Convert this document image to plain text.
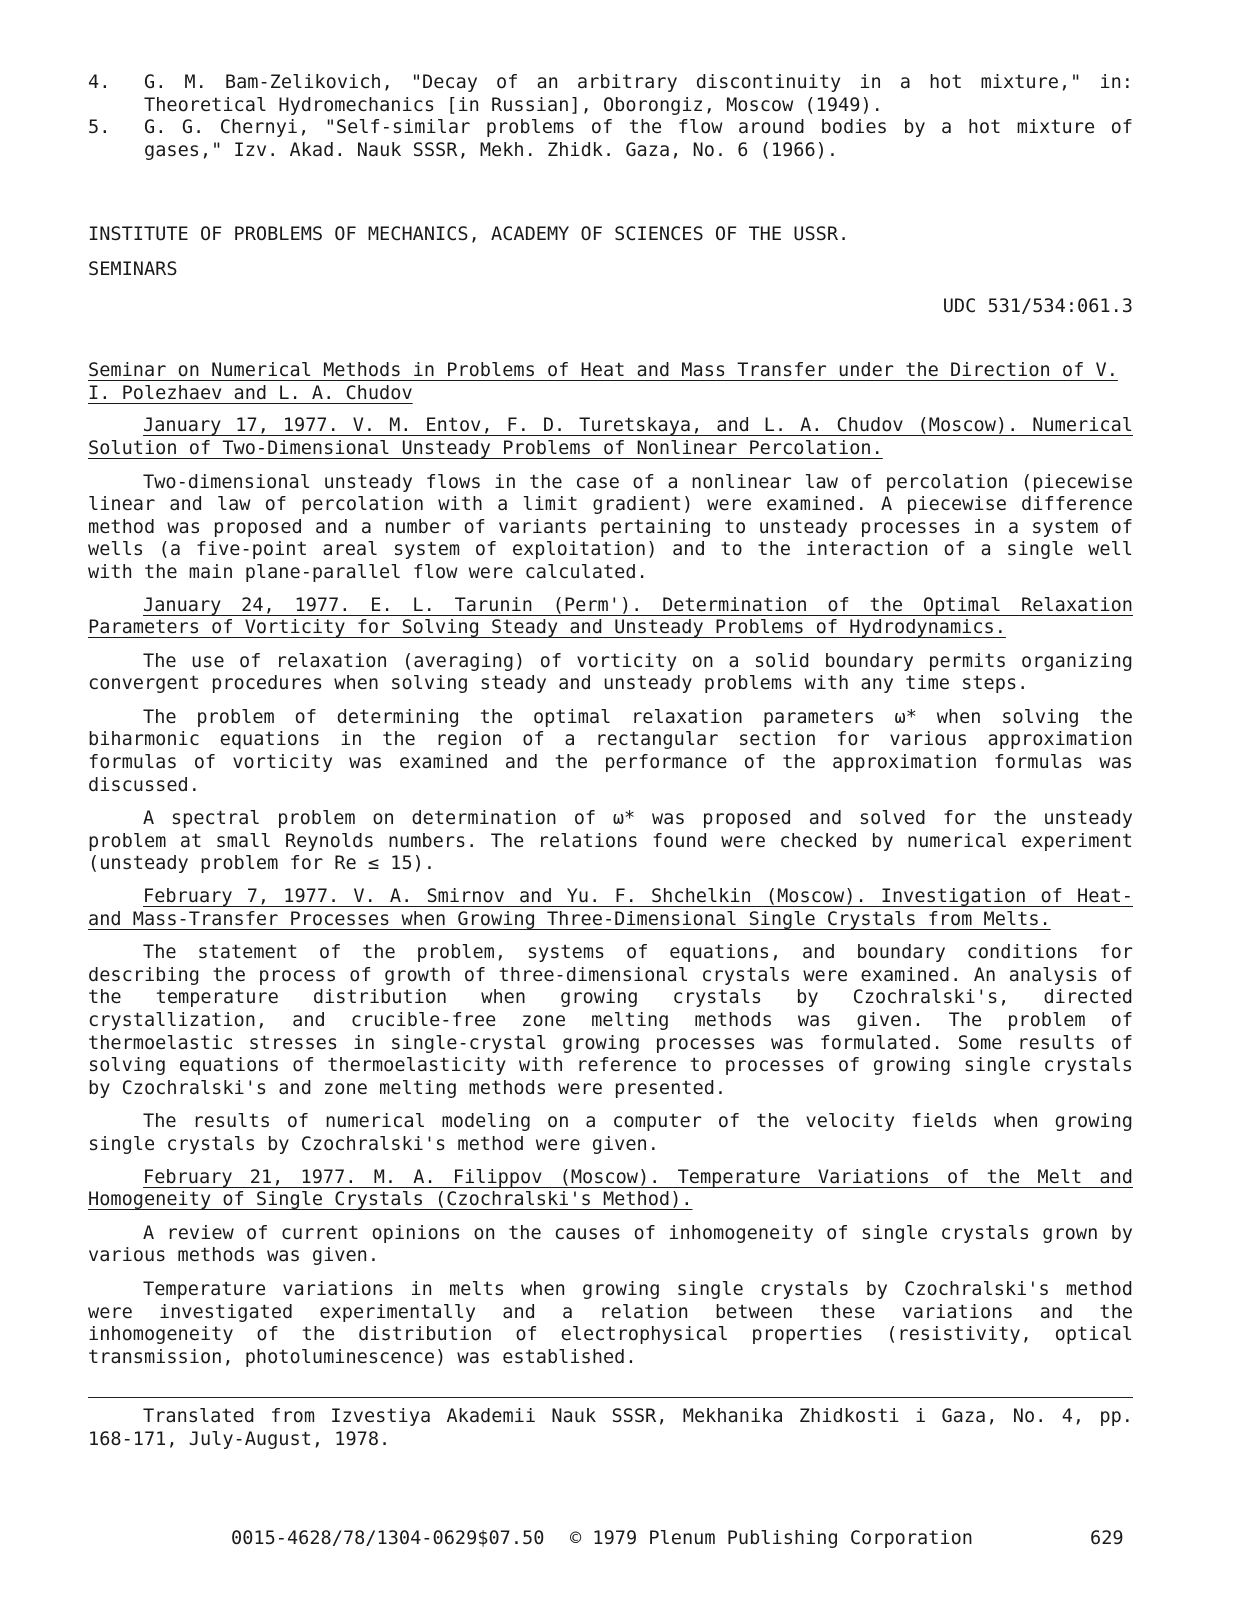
4.	G. M. Bam-Zelikovich, "Decay of an arbitrary discontinuity in a hot mixture," in: Theoretical Hydromechanics [in Russian], Oborongiz, Moscow (1949).
5.	G. G. Chernyi, "Self-similar problems of the flow around bodies by a hot mixture of gases," Izv. Akad. Nauk SSSR, Mekh. Zhidk. Gaza, No. 6 (1966).
INSTITUTE OF PROBLEMS OF MECHANICS, ACADEMY OF SCIENCES OF THE USSR.
SEMINARS
UDC 531/534:061.3
Seminar on Numerical Methods in Problems of Heat and Mass Transfer under the Direction of V. I. Polezhaev and L. A. Chudov
January 17, 1977. V. M. Entov, F. D. Turetskaya, and L. A. Chudov (Moscow). Numerical Solution of Two-Dimensional Unsteady Problems of Nonlinear Percolation.
Two-dimensional unsteady flows in the case of a nonlinear law of percolation (piecewise linear and law of percolation with a limit gradient) were examined. A piecewise difference method was proposed and a number of variants pertaining to unsteady processes in a system of wells (a five-point areal system of exploitation) and to the interaction of a single well with the main plane-parallel flow were calculated.
January 24, 1977. E. L. Tarunin (Perm'). Determination of the Optimal Relaxation Parameters of Vorticity for Solving Steady and Unsteady Problems of Hydrodynamics.
The use of relaxation (averaging) of vorticity on a solid boundary permits organizing convergent procedures when solving steady and unsteady problems with any time steps.
The problem of determining the optimal relaxation parameters ω* when solving the biharmonic equations in the region of a rectangular section for various approximation formulas of vorticity was examined and the performance of the approximation formulas was discussed.
A spectral problem on determination of ω* was proposed and solved for the unsteady problem at small Reynolds numbers. The relations found were checked by numerical experiment (unsteady problem for Re ≤ 15).
February 7, 1977. V. A. Smirnov and Yu. F. Shchelkin (Moscow). Investigation of Heat- and Mass-Transfer Processes when Growing Three-Dimensional Single Crystals from Melts.
The statement of the problem, systems of equations, and boundary conditions for describing the process of growth of three-dimensional crystals were examined. An analysis of the temperature distribution when growing crystals by Czochralski's, directed crystallization, and crucible-free zone melting methods was given. The problem of thermoelastic stresses in single-crystal growing processes was formulated. Some results of solving equations of thermoelasticity with reference to processes of growing single crystals by Czochralski's and zone melting methods were presented.
The results of numerical modeling on a computer of the velocity fields when growing single crystals by Czochralski's method were given.
February 21, 1977. M. A. Filippov (Moscow). Temperature Variations of the Melt and Homogeneity of Single Crystals (Czochralski's Method).
A review of current opinions on the causes of inhomogeneity of single crystals grown by various methods was given.
Temperature variations in melts when growing single crystals by Czochralski's method were investigated experimentally and a relation between these variations and the inhomogeneity of the distribution of electrophysical properties (resistivity, optical transmission, photoluminescence) was established.
Translated from Izvestiya Akademii Nauk SSSR, Mekhanika Zhidkosti i Gaza, No. 4, pp. 168-171, July-August, 1978.
0015-4628/78/1304-0629$07.50 © 1979 Plenum Publishing Corporation	629
